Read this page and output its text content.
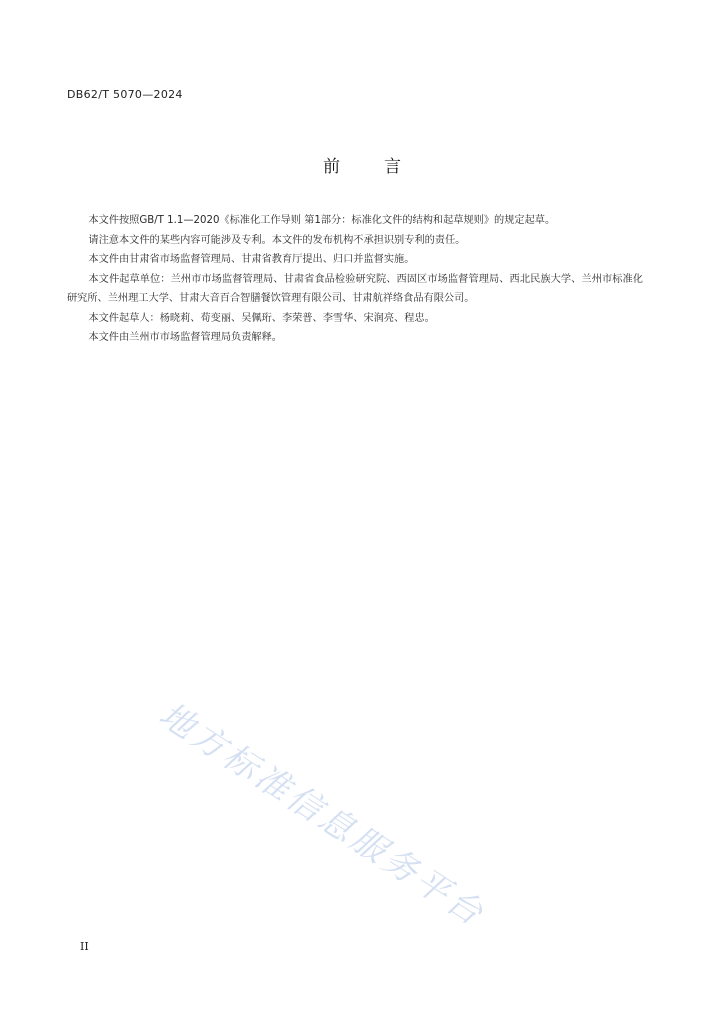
DB62/T 5070—2024
前言

本文件按照GB/T 1.1—2020《标准化工作导则 第1部分：标准化文件的结构和起草规则》的规定起草。

请注意本文件的某些内容可能涉及专利。本文件的发布机构不承担识别专利的责任。

本文件由甘肃省市场监督管理局、甘肃省教育厅提出、归口并监督实施。

本文件起草单位：兰州市市场监督管理局、甘肃省食品检验研究院、西固区市场监督管理局、西北民族大学、兰州市标准化研究所、兰州理工大学、甘肃大音百合智膳餐饮管理有限公司、甘肃航祥络食品有限公司。

本文件起草人：杨晓莉、荀变丽、吴佩珩、李荣普、李雪华、宋润亮、程忠。

本文件由兰州市市场监督管理局负责解释。

地方标准信息服务平台
II
